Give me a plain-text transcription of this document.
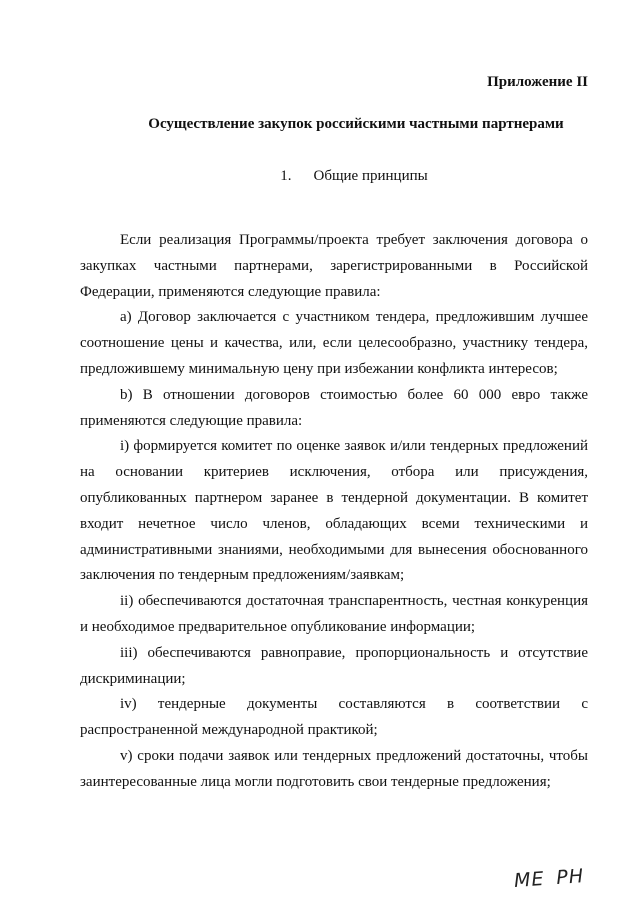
Приложение II
Осуществление закупок российскими частными партнерами
1. Общие принципы

Если реализация Программы/проекта требует заключения договора о закупках частными партнерами, зарегистрированными в Российской Федерации, применяются следующие правила:

а) Договор заключается с участником тендера, предложившим лучшее соотношение цены и качества, или, если целесообразно, участнику тендера, предложившему минимальную цену при избежании конфликта интересов;

b) В отношении договоров стоимостью более 60 000 евро также применяются следующие правила:

i) формируется комитет по оценке заявок и/или тендерных предложений на основании критериев исключения, отбора или присуждения, опубликованных партнером заранее в тендерной документации. В комитет входит нечетное число членов, обладающих всеми техническими и административными знаниями, необходимыми для вынесения обоснованного заключения по тендерным предложениям/заявкам;

ii) обеспечиваются достаточная транспарентность, честная конкуренция и необходимое предварительное опубликование информации;

iii) обеспечиваются равноправие, пропорциональность и отсутствие дискриминации;

iv) тендерные документы составляются в соответствии с распространенной международной практикой;

v) сроки подачи заявок или тендерных предложений достаточны, чтобы заинтересованные лица могли подготовить свои тендерные предложения;

ME PH
